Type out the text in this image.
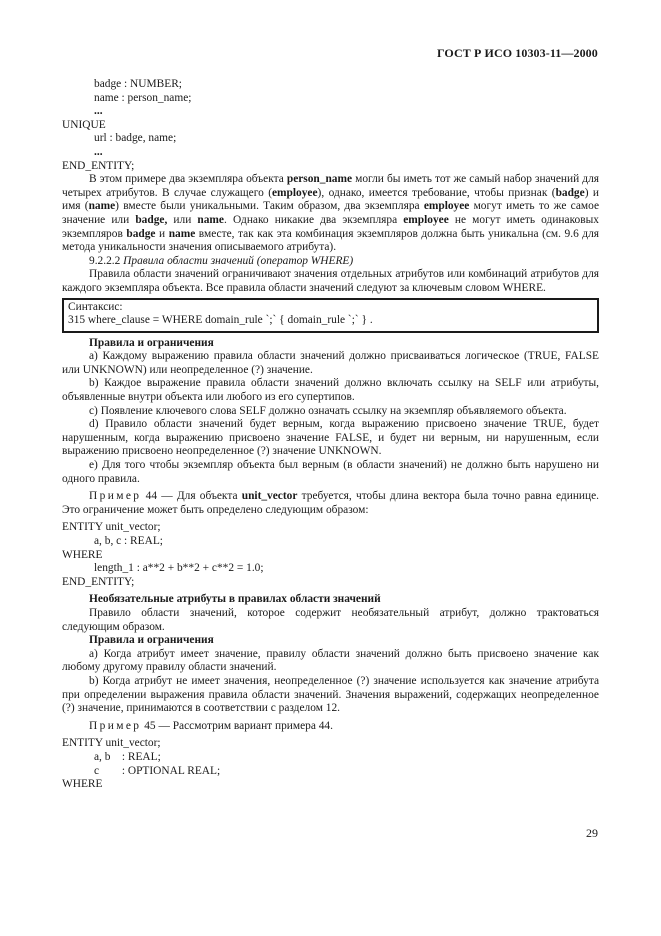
ГОСТ Р ИСО 10303-11—2000

badge : NUMBER;

name : person_name;

...

UNIQUE

url : badge, name;

...

END_ENTITY;

В этом примере два экземпляра объекта person_name могли бы иметь тот же самый набор значений для четырех атрибутов. В случае служащего (employee), однако, имеется требование, чтобы признак (badge) и имя (name) вместе были уникальными. Таким образом, два экземпляра employee могут иметь то же самое значение или badge, или name. Однако никакие два экземпляра employee не могут иметь одинаковых экземпляров badge и name вместе, так как эта комбинация экземпляров должна быть уникальна (см. 9.6 для метода уникальности значения описываемого атрибута).

9.2.2.2 Правила области значений (оператор WHERE)

Правила области значений ограничивают значения отдельных атрибутов или комбинаций атрибутов для каждого экземпляра объекта. Все правила области значений следуют за ключевым словом WHERE.

Синтаксис:

315 where_clause = WHERE domain_rule `;` { domain_rule `;` } .

Правила и ограничения

a) Каждому выражению правила области значений должно присваиваться логическое (TRUE, FALSE или UNKNOWN) или неопределенное (?) значение.

b) Каждое выражение правила области значений должно включать ссылку на SELF или атрибуты, объявленные внутри объекта или любого из его супертипов.

c) Появление ключевого слова SELF должно означать ссылку на экземпляр объявляемого объекта.

d) Правило области значений будет верным, когда выражению присвоено значение TRUE, будет нарушенным, когда выражению присвоено значение FALSE, и будет ни верным, ни нарушенным, если выражению присвоено неопределенное (?) значение UNKNOWN.

e) Для того чтобы экземпляр объекта был верным (в области значений) не должно быть нарушено ни одного правила.

Пример 44 — Для объекта unit_vector требуется, чтобы длина вектора была точно равна единице. Это ограничение может быть определено следующим образом:

ENTITY unit_vector;

a, b, c : REAL;

WHERE

length_1 : a**2 + b**2 + c**2 = 1.0;

END_ENTITY;

Необязательные атрибуты в правилах области значений

Правило области значений, которое содержит необязательный атрибут, должно трактоваться следующим образом.

Правила и ограничения

a) Когда атрибут имеет значение, правилу области значений должно быть присвоено значение как любому другому правилу области значений.

b) Когда атрибут не имеет значения, неопределенное (?) значение используется как значение атрибута при определении выражения правила области значений. Значения выражений, содержащих неопределенное (?) значение, принимаются в соответствии с разделом 12.

Пример 45 — Рассмотрим вариант примера 44.

ENTITY unit_vector;

a, b    : REAL;

c        : OPTIONAL REAL;

WHERE

29
